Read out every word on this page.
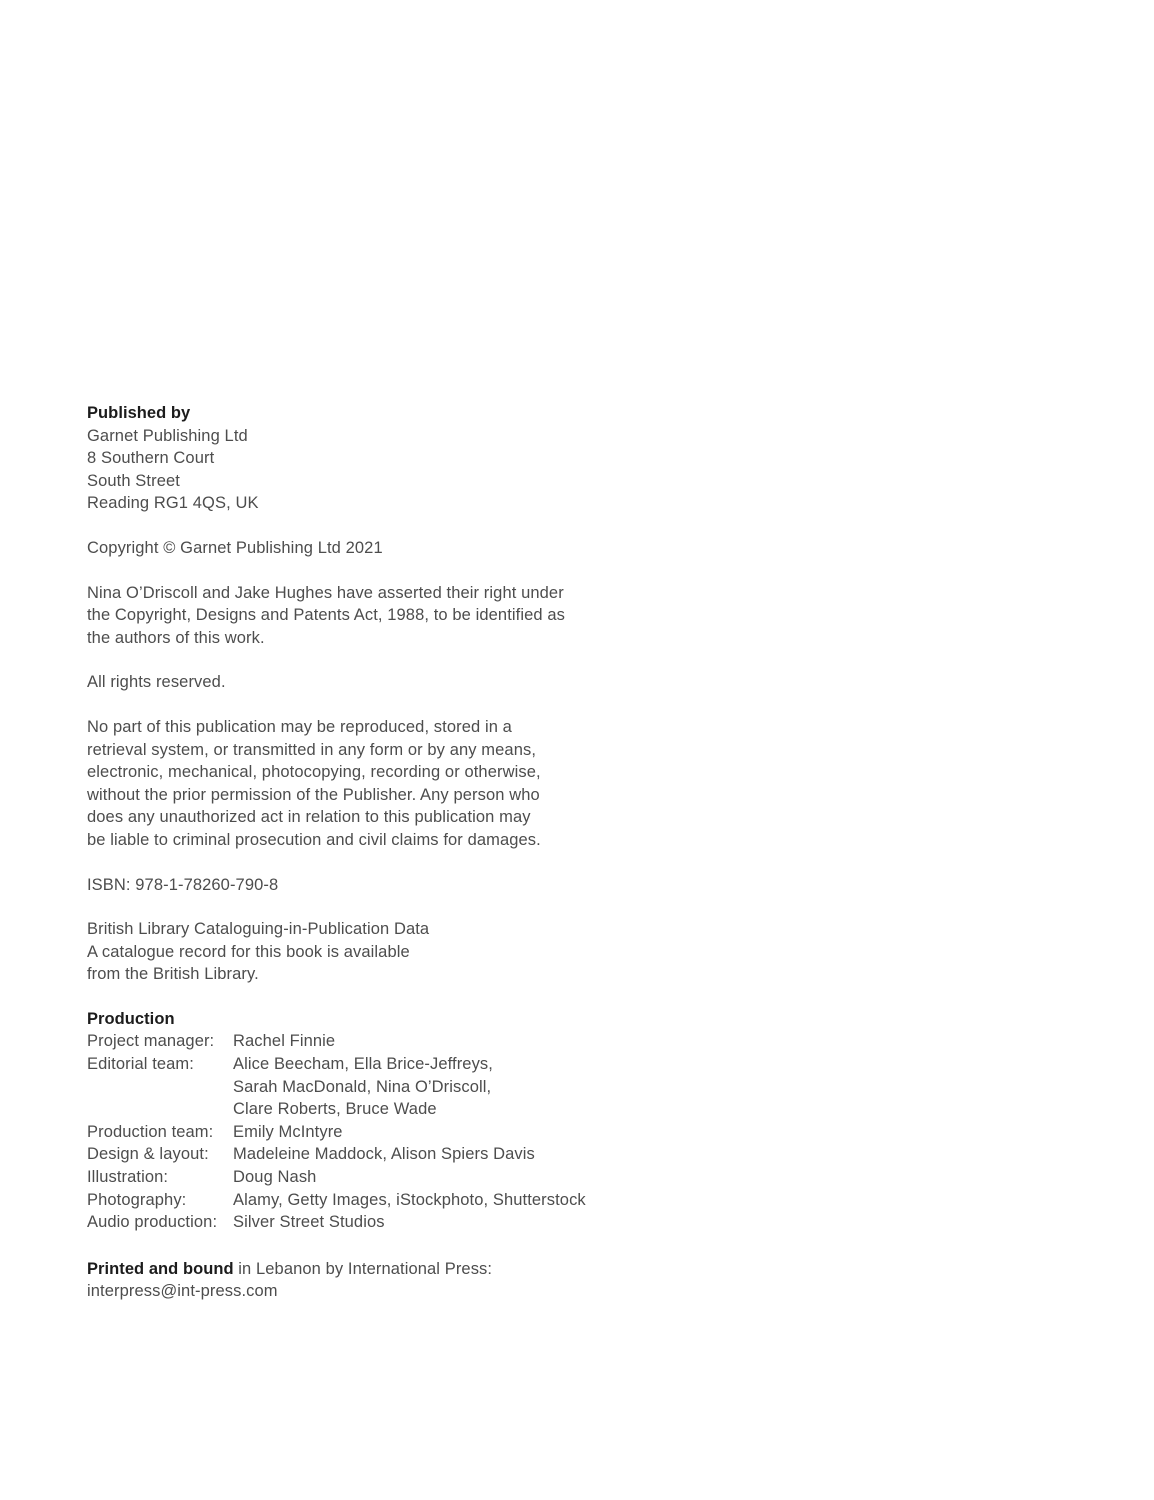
Published by
Garnet Publishing Ltd
8 Southern Court
South Street
Reading RG1 4QS, UK
Copyright © Garnet Publishing Ltd 2021
Nina O’Driscoll and Jake Hughes have asserted their right under
the Copyright, Designs and Patents Act, 1988, to be identified as
the authors of this work.
All rights reserved.
No part of this publication may be reproduced, stored in a
retrieval system, or transmitted in any form or by any means,
electronic, mechanical, photocopying, recording or otherwise,
without the prior permission of the Publisher. Any person who
does any unauthorized act in relation to this publication may
be liable to criminal prosecution and civil claims for damages.
ISBN: 978-1-78260-790-8
British Library Cataloguing-in-Publication Data
A catalogue record for this book is available
from the British Library.
Production
Project manager:	Rachel Finnie

Editorial team:	Alice Beecham, Ella Brice-Jeffreys,
Sarah MacDonald, Nina O’Driscoll,
Clare Roberts, Bruce Wade

Production team:	Emily McIntyre

Design & layout:	Madeleine Maddock, Alison Spiers Davis

Illustration:	Doug Nash

Photography:	Alamy, Getty Images, iStockphoto, Shutterstock

Audio production:	Silver Street Studios
Printed and bound in Lebanon by International Press:
interpress@int-press.com
